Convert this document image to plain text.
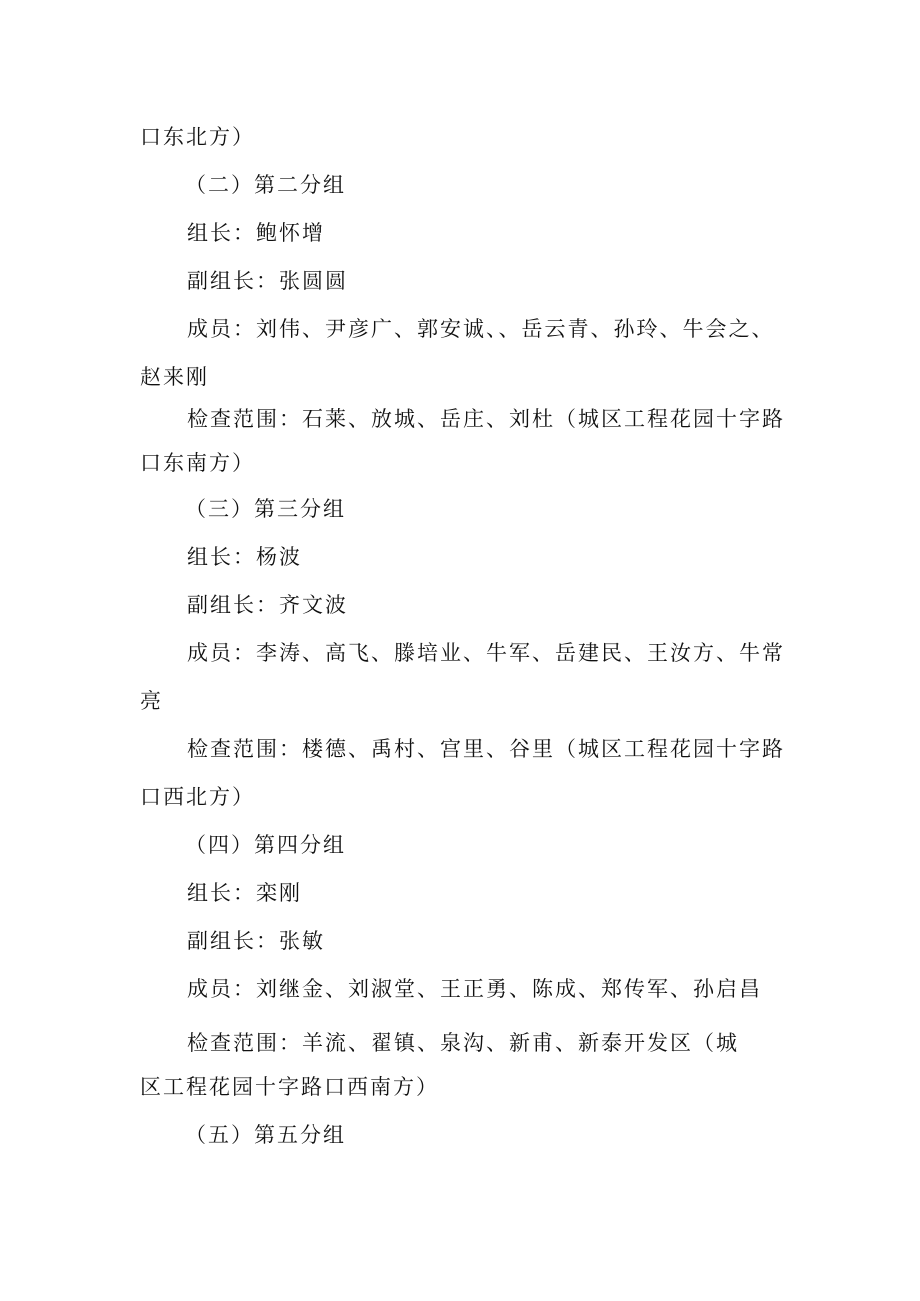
口东北方）
（二）第二分组
组长：鲍怀增
副组长：张圆圆
成员：刘伟、尹彦广、郭安诚、、岳云青、孙玲、牛会之、
赵来刚
检查范围：石莱、放城、岳庄、刘杜（城区工程花园十字路
口东南方）
（三）第三分组
组长：杨波
副组长：齐文波
成员：李涛、高飞、滕培业、牛军、岳建民、王汝方、牛常
亮
检查范围：楼德、禹村、宫里、谷里（城区工程花园十字路
口西北方）
（四）第四分组
组长：栾刚
副组长：张敏
成员：刘继金、刘淑堂、王正勇、陈成、郑传军、孙启昌
检查范围：羊流、翟镇、泉沟、新甫、新泰开发区（城
区工程花园十字路口西南方）
（五）第五分组
